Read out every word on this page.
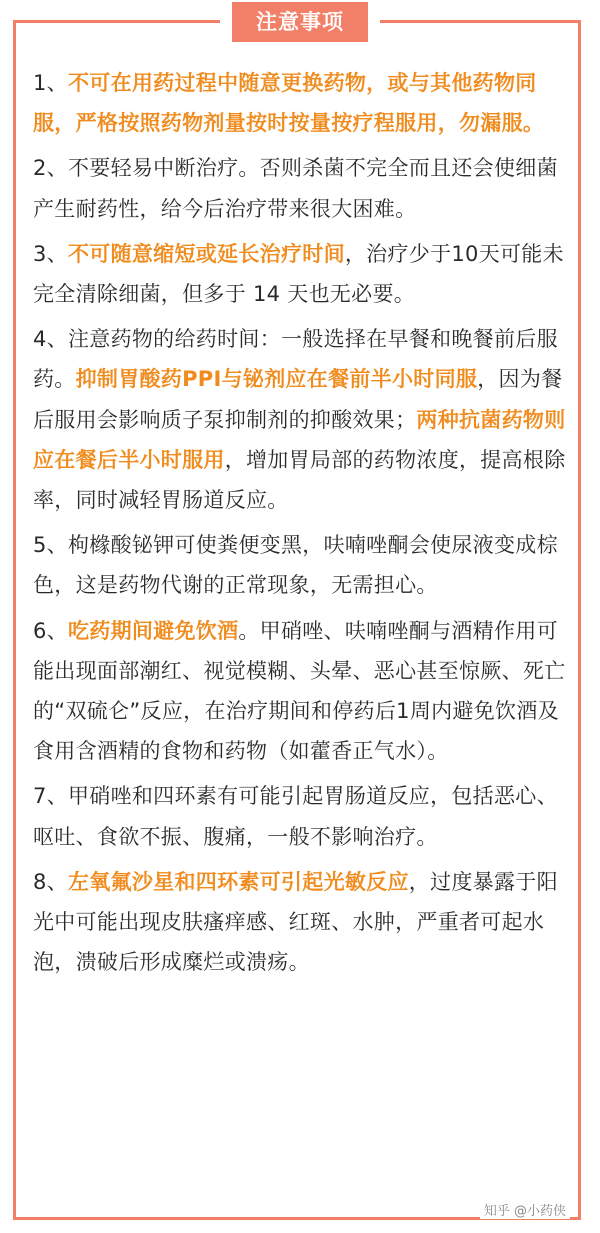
注意事项

1、不可在用药过程中随意更换药物，或与其他药物同服，严格按照药物剂量按时按量按疗程服用，勿漏服。

2、不要轻易中断治疗。否则杀菌不完全而且还会使细菌产生耐药性，给今后治疗带来很大困难。

3、不可随意缩短或延长治疗时间，治疗少于10天可能未完全清除细菌，但多于 14 天也无必要。

4、注意药物的给药时间：一般选择在早餐和晚餐前后服药。抑制胃酸药PPI与铋剂应在餐前半小时同服，因为餐后服用会影响质子泵抑制剂的抑酸效果；两种抗菌药物则应在餐后半小时服用，增加胃局部的药物浓度，提高根除率，同时减轻胃肠道反应。

5、枸橼酸铋钾可使粪便变黑，呋喃唑酮会使尿液变成棕色，这是药物代谢的正常现象，无需担心。

6、吃药期间避免饮酒。甲硝唑、呋喃唑酮与酒精作用可能出现面部潮红、视觉模糊、头晕、恶心甚至惊厥、死亡的“双硫仑”反应，在治疗期间和停药后1周内避免饮酒及食用含酒精的食物和药物（如藿香正气水）。

7、甲硝唑和四环素有可能引起胃肠道反应，包括恶心、呕吐、食欲不振、腹痛，一般不影响治疗。

8、左氧氟沙星和四环素可引起光敏反应，过度暴露于阳光中可能出现皮肤瘙痒感、红斑、水肿，严重者可起水泡，溃破后形成糜烂或溃疡。

知乎 @小药侠
